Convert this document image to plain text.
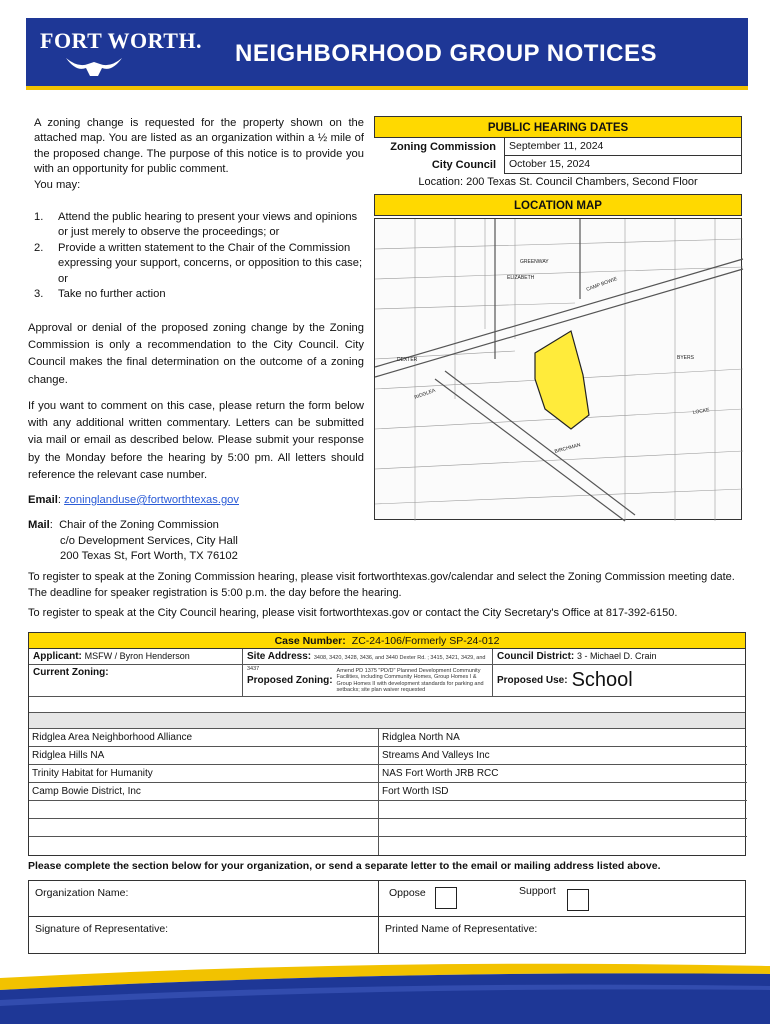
FORT WORTH.	NEIGHBORHOOD GROUP NOTICES

A zoning change is requested for the property shown on the attached map. You are listed as an organization within a ½ mile of the proposed change. The purpose of this notice is to provide you with an opportunity for public comment.

You may:

1. Attend the public hearing to present your views and opinions or just merely to observe the proceedings; or
2. Provide a written statement to the Chair of the Commission expressing your support, concerns, or opposition to this case; or
3. Take no further action

Approval or denial of the proposed zoning change by the Zoning Commission is only a recommendation to the City Council. City Council makes the final determination on the outcome of a zoning change.

If you want to comment on this case, please return the form below with any additional written commentary. Letters can be submitted via mail or email as described below. Please submit your response by the Monday before the hearing by 5:00 pm. All letters should reference the relevant case number.

Email: zoninglanduse@fortworthtexas.gov
Mail:  Chair of the Zoning Commission
c/o Development Services, City Hall
200 Texas St, Fort Worth, TX 76102
PUBLIC HEARING DATES
Zoning Commission	September 11, 2024
City Council	October 15, 2024
Location: 200 Texas St. Council Chambers, Second Floor
LOCATION MAP
ELIZABETH
GREENWAY
CAMP BOWIE
DEXTER
RIDGLEA
LOCKE
BYERS
BIRCHMAN

To register to speak at the Zoning Commission hearing, please visit fortworthtexas.gov/calendar and select the Zoning Commission meeting date. The deadline for speaker registration is 5:00 p.m. the day before the hearing.

To register to speak at the City Council hearing, please visit fortworthtexas.gov or contact the City Secretary's Office at 817-392-6150.

Case Number: ZC-24-106/Formerly SP-24-012
Applicant: MSFW / Byron Henderson	Site Address: 3408, 3420, 3428, 3436, and 3440 Dexter Rd. ; 3415, 3421, 3429, and 3437
Council District: 3 - Michael D. Crain
Current Zoning:
Proposed Zoning:
Amend PD 1375 "PD/D" Planned Development Community Facilities, including Community Homes, Group Homes I & Group Homes II with development standards for parking and setbacks; site plan waiver requested
Proposed Use: School
Ridglea Area Neighborhood Alliance	Ridglea North NA
Ridglea Hills NA	Streams And Valleys Inc
Trinity Habitat for Humanity	NAS Fort Worth JRB RCC
Camp Bowie District, Inc	Fort Worth ISD
Please complete the section below for your organization, or send a separate letter to the email or mailing address listed above.
Organization Name:	Oppose	Support
Signature of Representative:	Printed Name of Representative:
